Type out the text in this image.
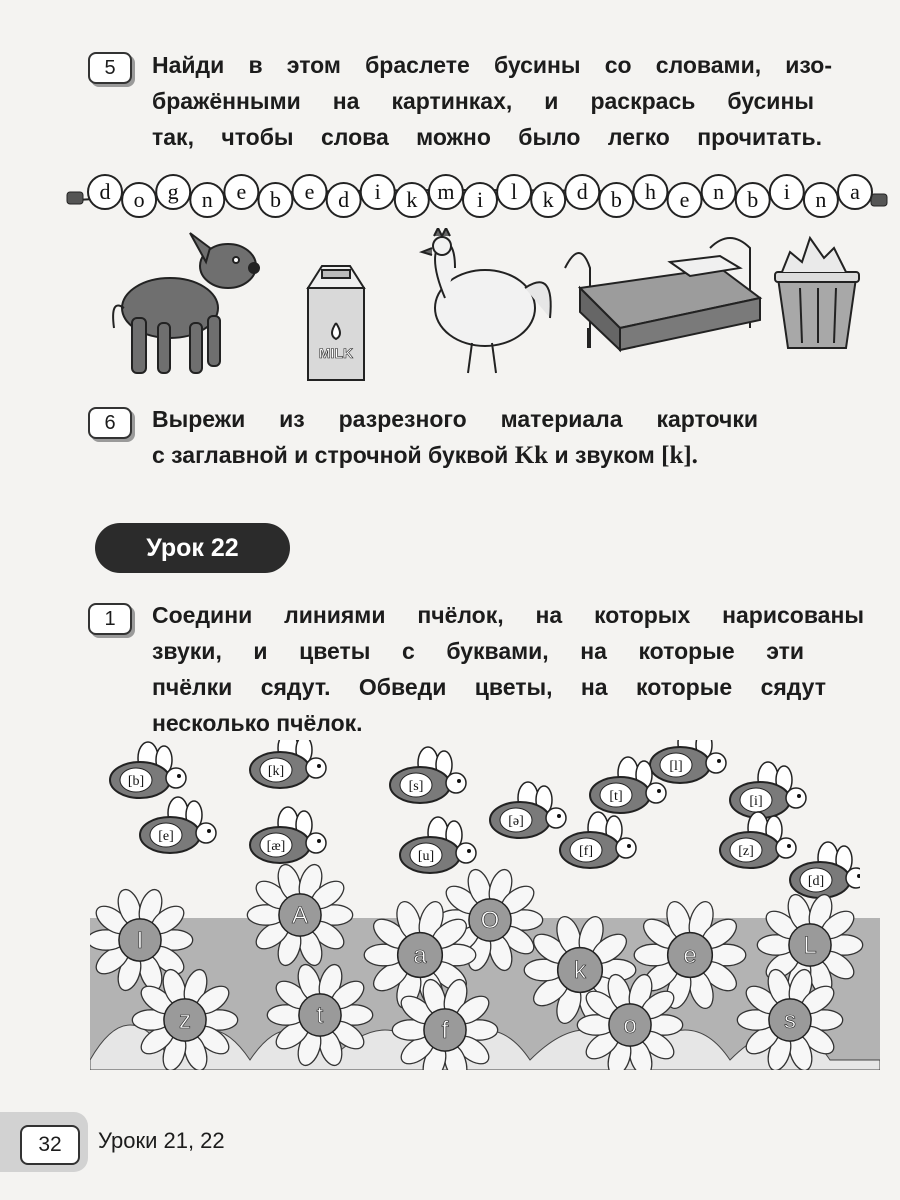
5	Найди в этом браслете бусины со словами, изо-

бражёнными на картинках, и раскрась бусины

так, чтобы слова можно было легко прочитать.

d o g n e b e d i k m i l k d b h e n b i n a
MILK
6	Вырежи из разрезного материала карточки

с заглавной и строчной буквой Kk и звуком [k].

Урок 22
1	Соедини линиями пчёлок, на которых нарисованы

звуки, и цветы с буквами, на которые эти

пчёлки сядут. Обведи цветы, на которые сядут

несколько пчёлок.

[b]
[k]
[s]
[ə]
[l]
[e]
[æ]
[u]	[f]
[t]	[i]
[z]
[d]
I
A	O
a
k
e	L
z	t
f	o	s
32	Уроки 21, 22
